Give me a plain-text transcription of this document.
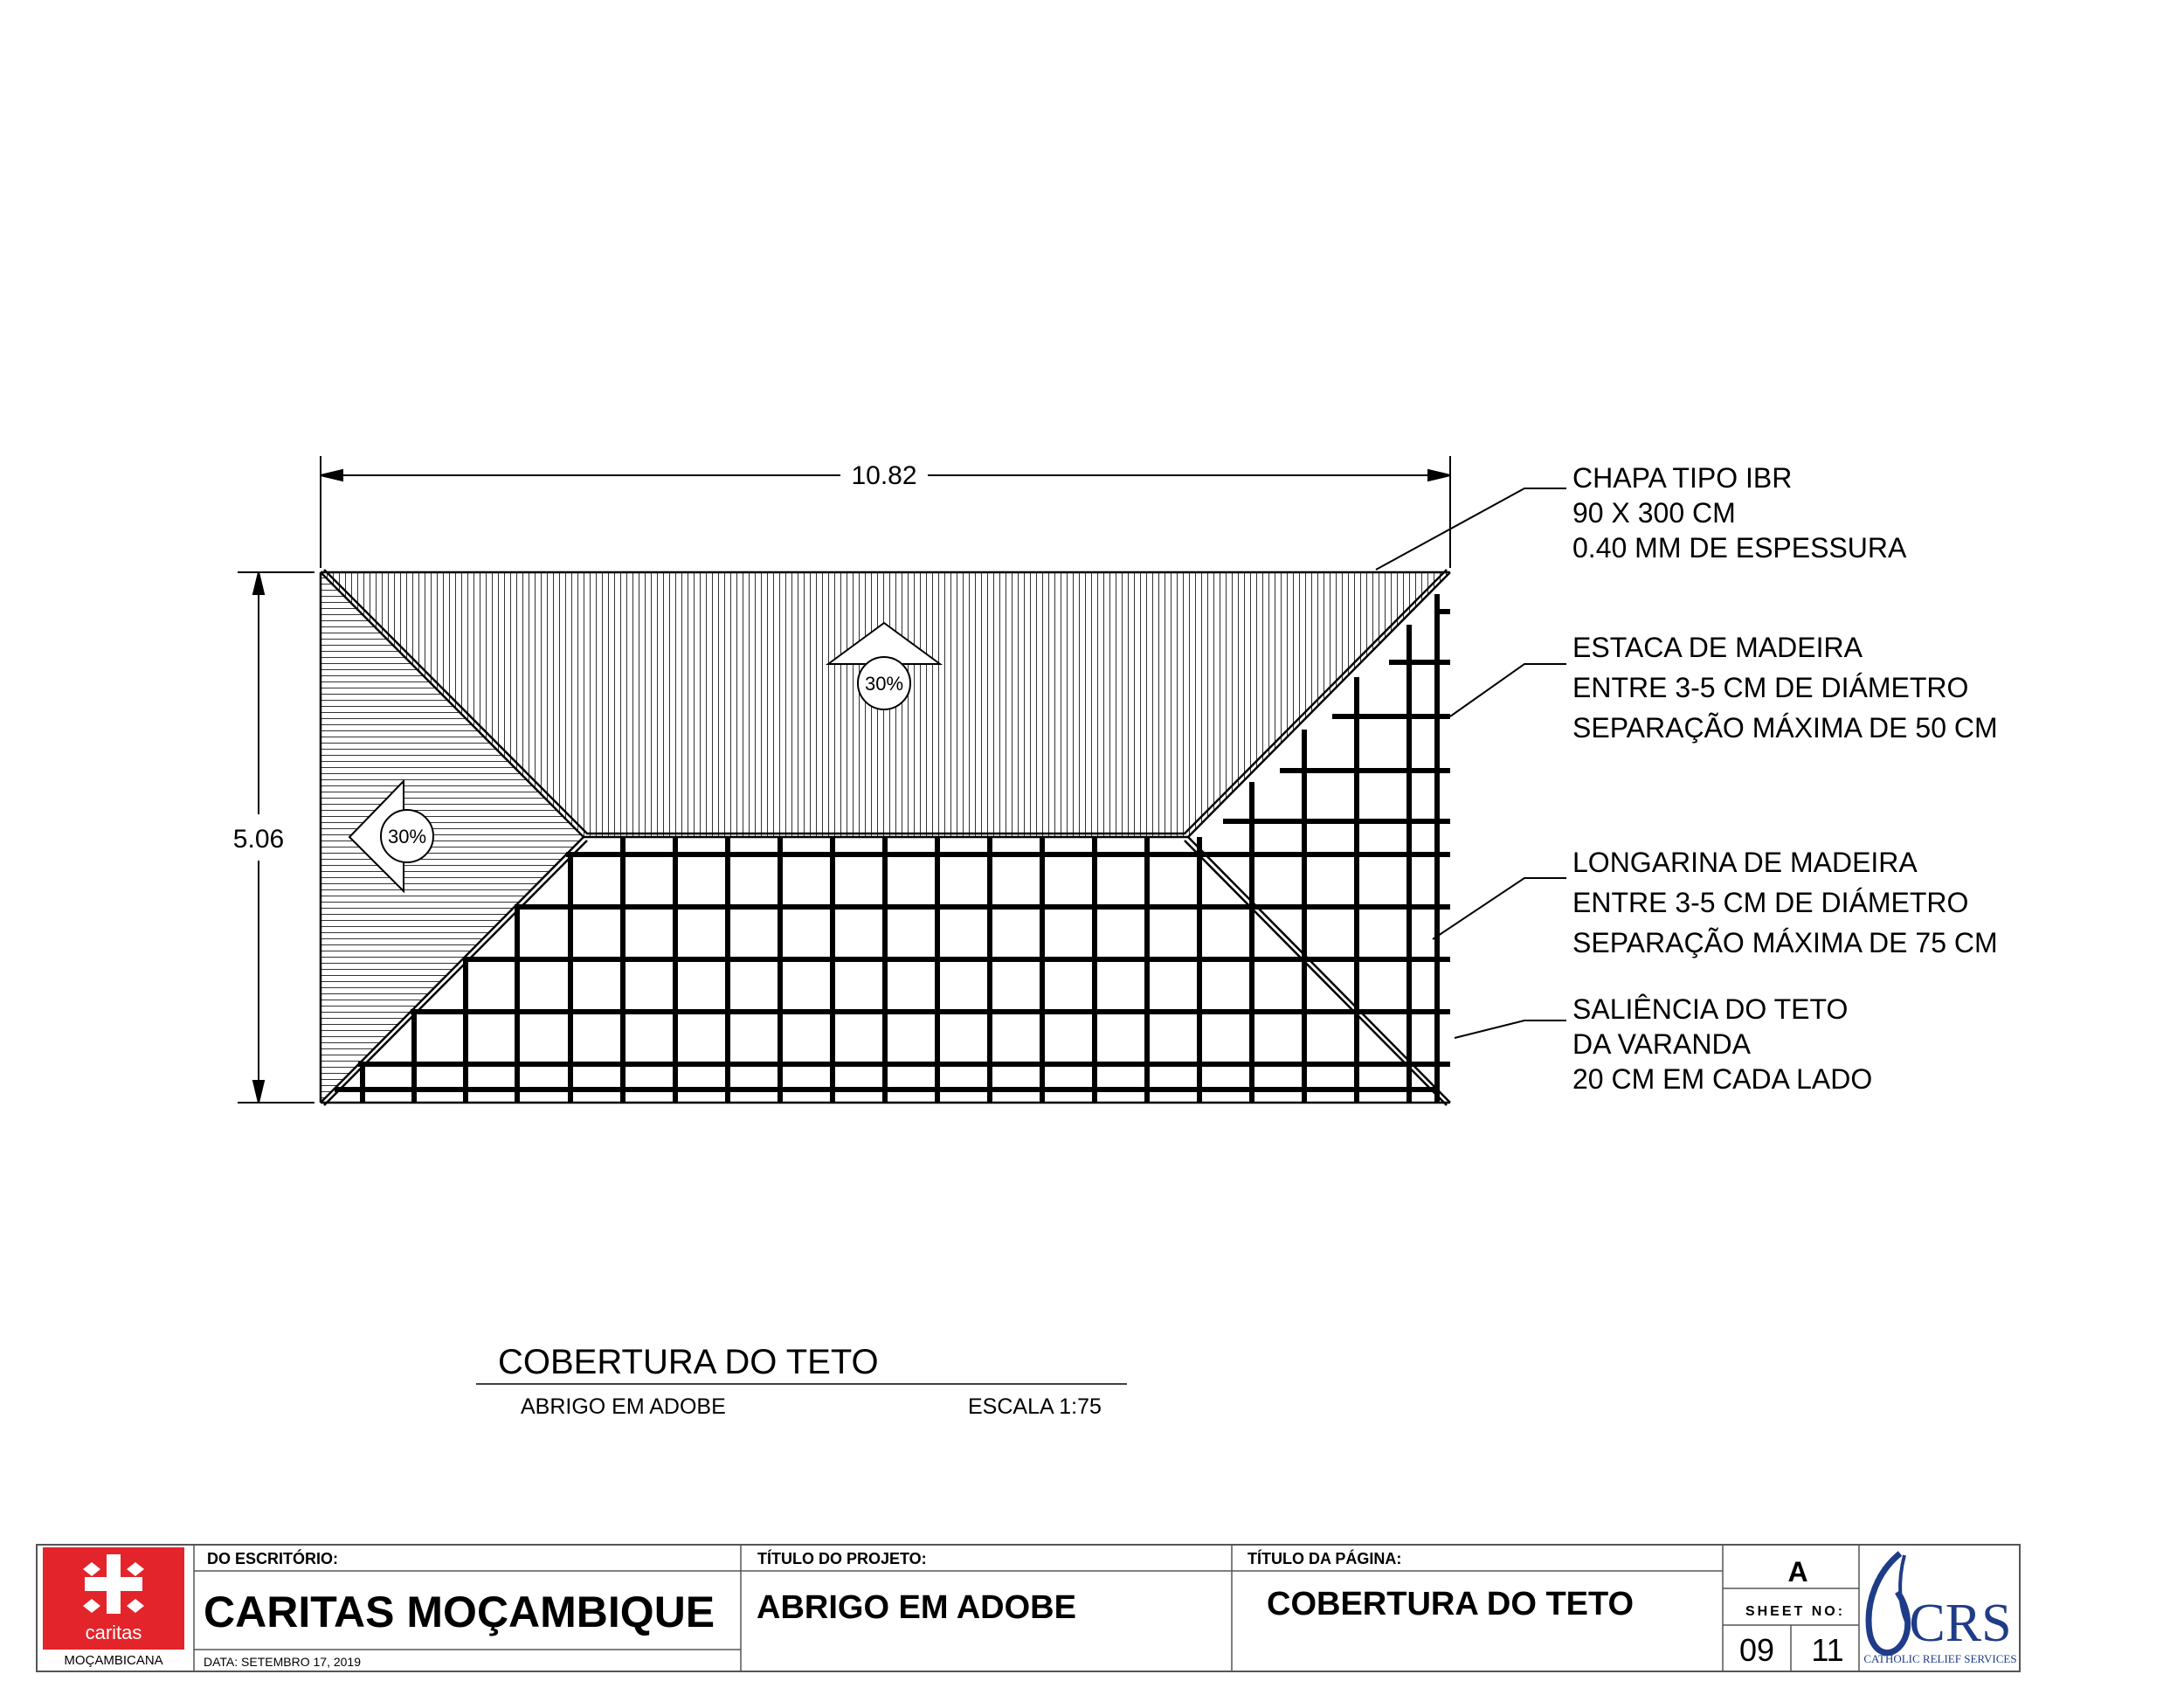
30%
30%
10.82
5.06
CHAPA TIPO IBR
90 X 300 CM
0.40 MM DE ESPESSURA
ESTACA DE MADEIRA
ENTRE 3-5 CM DE DIÁMETRO
SEPARAÇÃO MÁXIMA DE 50 CM
LONGARINA DE MADEIRA
ENTRE 3-5 CM DE DIÁMETRO
SEPARAÇÃO MÁXIMA DE 75 CM
SALIÊNCIA DO TETO
DA VARANDA
20 CM EM CADA LADO
COBERTURA DO TETO
ABRIGO EM ADOBE	ESCALA 1:75
caritas
MOÇAMBICANA
DO ESCRITÓRIO:
CARITAS MOÇAMBIQUE
DATA: SETEMBRO 17, 2019
TÍTULO DO PROJETO:
ABRIGO EM ADOBE
TÍTULO DA PÁGINA:
COBERTURA DO TETO
A
SHEET NO:
09 11 CRS
CATHOLIC RELIEF SERVICES
